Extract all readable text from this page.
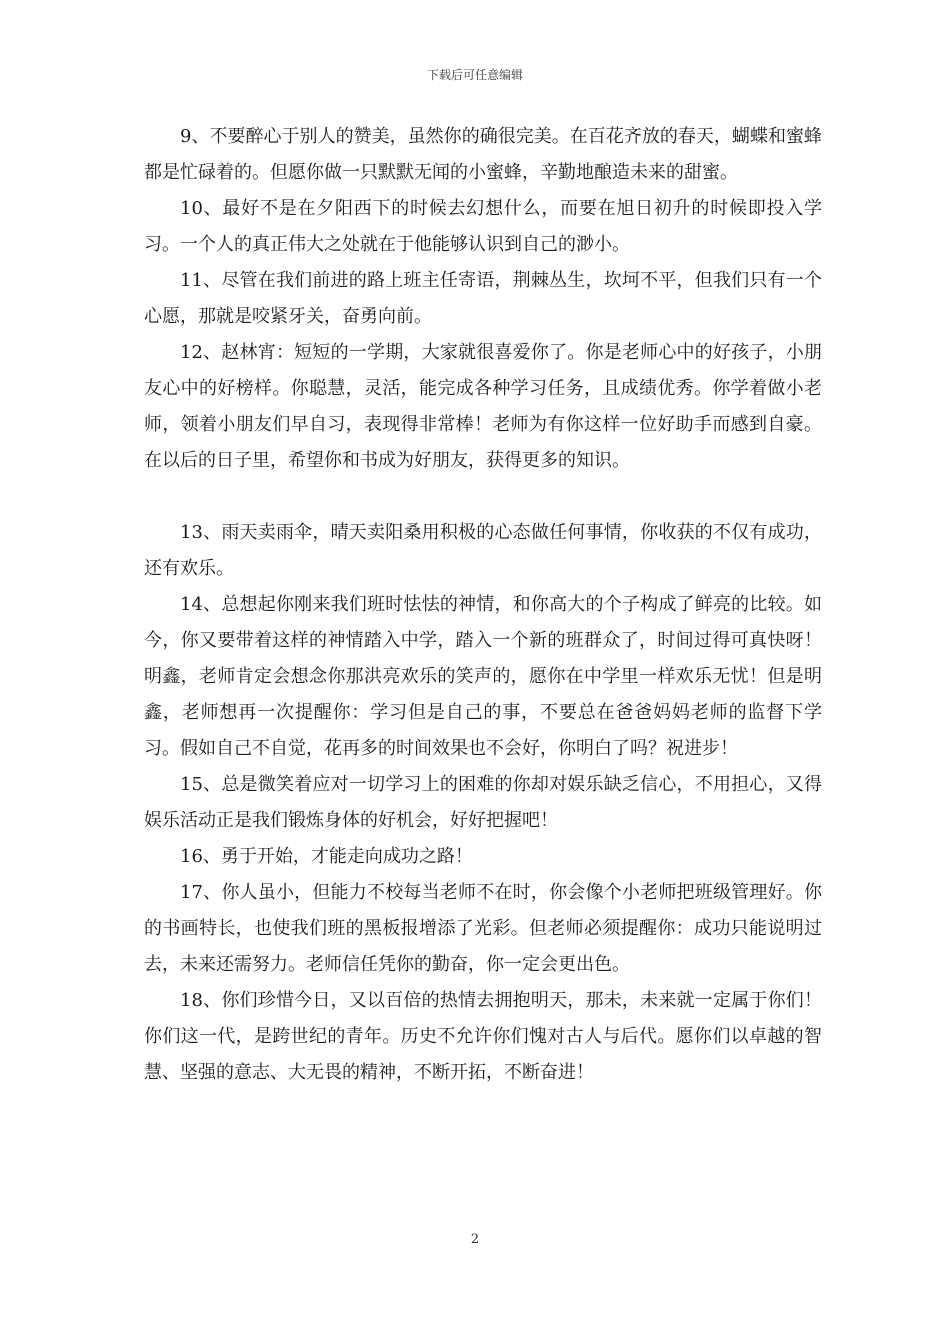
下载后可任意编辑

9、不要醉心于别人的赞美，虽然你的确很完美。在百花齐放的春天，蝴蝶和蜜蜂都是忙碌着的。但愿你做一只默默无闻的小蜜蜂，辛勤地酿造未来的甜蜜。

10、最好不是在夕阳西下的时候去幻想什么，而要在旭日初升的时候即投入学习。一个人的真正伟大之处就在于他能够认识到自己的渺小。

11、尽管在我们前进的路上班主任寄语，荆棘丛生，坎坷不平，但我们只有一个心愿，那就是咬紧牙关，奋勇向前。

12、赵林宵：短短的一学期，大家就很喜爱你了。你是老师心中的好孩子，小朋友心中的好榜样。你聪慧，灵活，能完成各种学习任务，且成绩优秀。你学着做小老师，领着小朋友们早自习，表现得非常棒！老师为有你这样一位好助手而感到自豪。在以后的日子里，希望你和书成为好朋友，获得更多的知识。

13、雨天卖雨伞，晴天卖阳桑用积极的心态做任何事情，你收获的不仅有成功，还有欢乐。

14、总想起你刚来我们班时怯怯的神情，和你高大的个子构成了鲜亮的比较。如今，你又要带着这样的神情踏入中学，踏入一个新的班群众了，时间过得可真快呀！明鑫，老师肯定会想念你那洪亮欢乐的笑声的，愿你在中学里一样欢乐无忧！但是明鑫，老师想再一次提醒你：学习但是自己的事，不要总在爸爸妈妈老师的监督下学习。假如自己不自觉，花再多的时间效果也不会好，你明白了吗？祝进步！

15、总是微笑着应对一切学习上的困难的你却对娱乐缺乏信心，不用担心，又得娱乐活动正是我们锻炼身体的好机会，好好把握吧！

16、勇于开始，才能走向成功之路！

17、你人虽小，但能力不校每当老师不在时，你会像个小老师把班级管理好。你的书画特长，也使我们班的黑板报增添了光彩。但老师必须提醒你：成功只能说明过去，未来还需努力。老师信任凭你的勤奋，你一定会更出色。

18、你们珍惜今日，又以百倍的热情去拥抱明天，那未，未来就一定属于你们！你们这一代，是跨世纪的青年。历史不允许你们愧对古人与后代。愿你们以卓越的智慧、坚强的意志、大无畏的精神，不断开拓，不断奋进！

2
